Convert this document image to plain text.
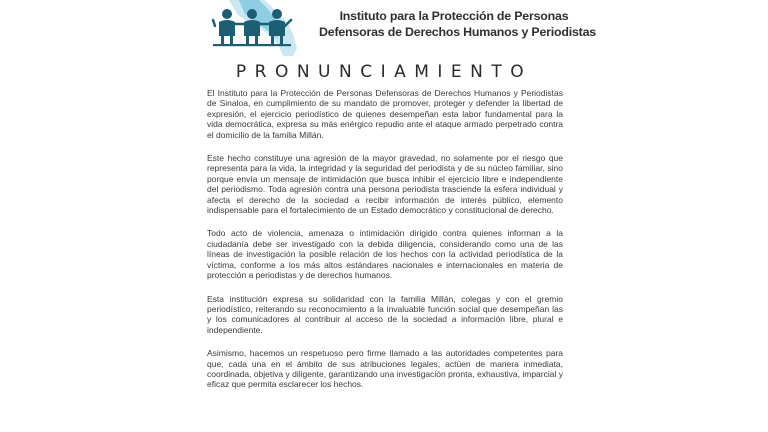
Instituto para la Protección de Personas
Defensoras de Derechos Humanos y Periodistas
PRONUNCIAMIENTO

El Instituto para la Protección de Personas Defensoras de Derechos Humanos y Periodistas de Sinaloa, en cumplimiento de su mandato de promover, proteger y defender la libertad de expresión, el ejercicio periodístico de quienes desempeñan esta labor fundamental para la vida democrática, expresa su más enérgico repudio ante el ataque armado perpetrado contra el domicilio de la familia Millán.

Este hecho constituye una agresión de la mayor gravedad, no solamente por el riesgo que representa para la vida, la integridad y la seguridad del periodista y de su núcleo familiar, sino porque envía un mensaje de intimidación que busca inhibir el ejercicio libre e independiente del periodismo. Toda agresión contra una persona periodista trasciende la esfera individual y afecta el derecho de la sociedad a recibir información de interés público, elemento indispensable para el fortalecimiento de un Estado democrático y constitucional de derecho.

Todo acto de violencia, amenaza o intimidación dirigido contra quienes informan a la ciudadanía debe ser investigado con la debida diligencia, considerando como una de las líneas de investigación la posible relación de los hechos con la actividad periodística de la víctima, conforme a los más altos estándares nacionales e internacionales en materia de protección a periodistas y de derechos humanos.

Esta institución expresa su solidaridad con la familia Millán, colegas y con el gremio periodístico, reiterando su reconocimiento a la invaluable función social que desempeñan las y los comunicadores al contribuir al acceso de la sociedad a información libre, plural e independiente.

Asimismo, hacemos un respetuoso pero firme llamado a las autoridades competentes para que, cada una en el ámbito de sus atribuciones legales, actúen de manera inmediata, coordinada, objetiva y diligente, garantizando una investigación pronta, exhaustiva, imparcial y eficaz que permita esclarecer los hechos.
